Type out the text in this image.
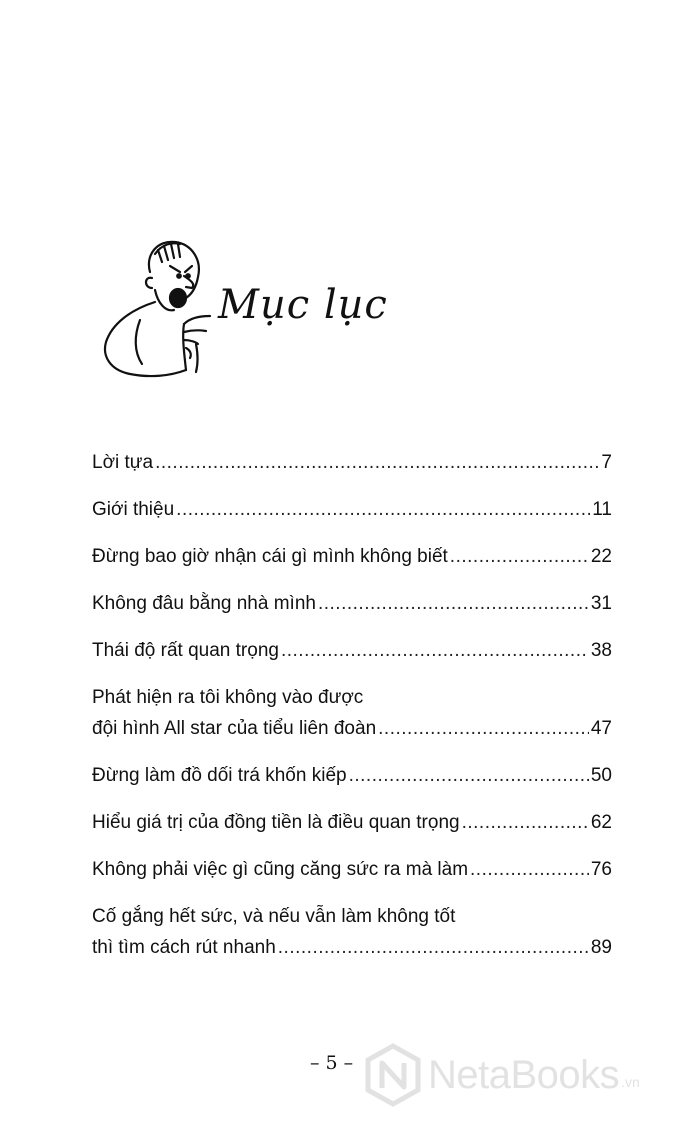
Mục lục
Lời tựa .....	7
Giới thiệu .....	11
Đừng bao giờ nhận cái gì mình không biết .....	22
Không đâu bằng nhà mình .....	31
Thái độ rất quan trọng .....	38
Phát hiện ra tôi không vào được
đội hình All star của tiểu liên đoàn .....	47
Đừng làm đồ dối trá khốn kiếp .....	50
Hiểu giá trị của đồng tiền là điều quan trọng .....	62
Không phải việc gì cũng căng sức ra mà làm .....	76
Cố gắng hết sức, và nếu vẫn làm không tốt
thì tìm cách rút nhanh .....	89
– 5 – NetaBooks .vn
